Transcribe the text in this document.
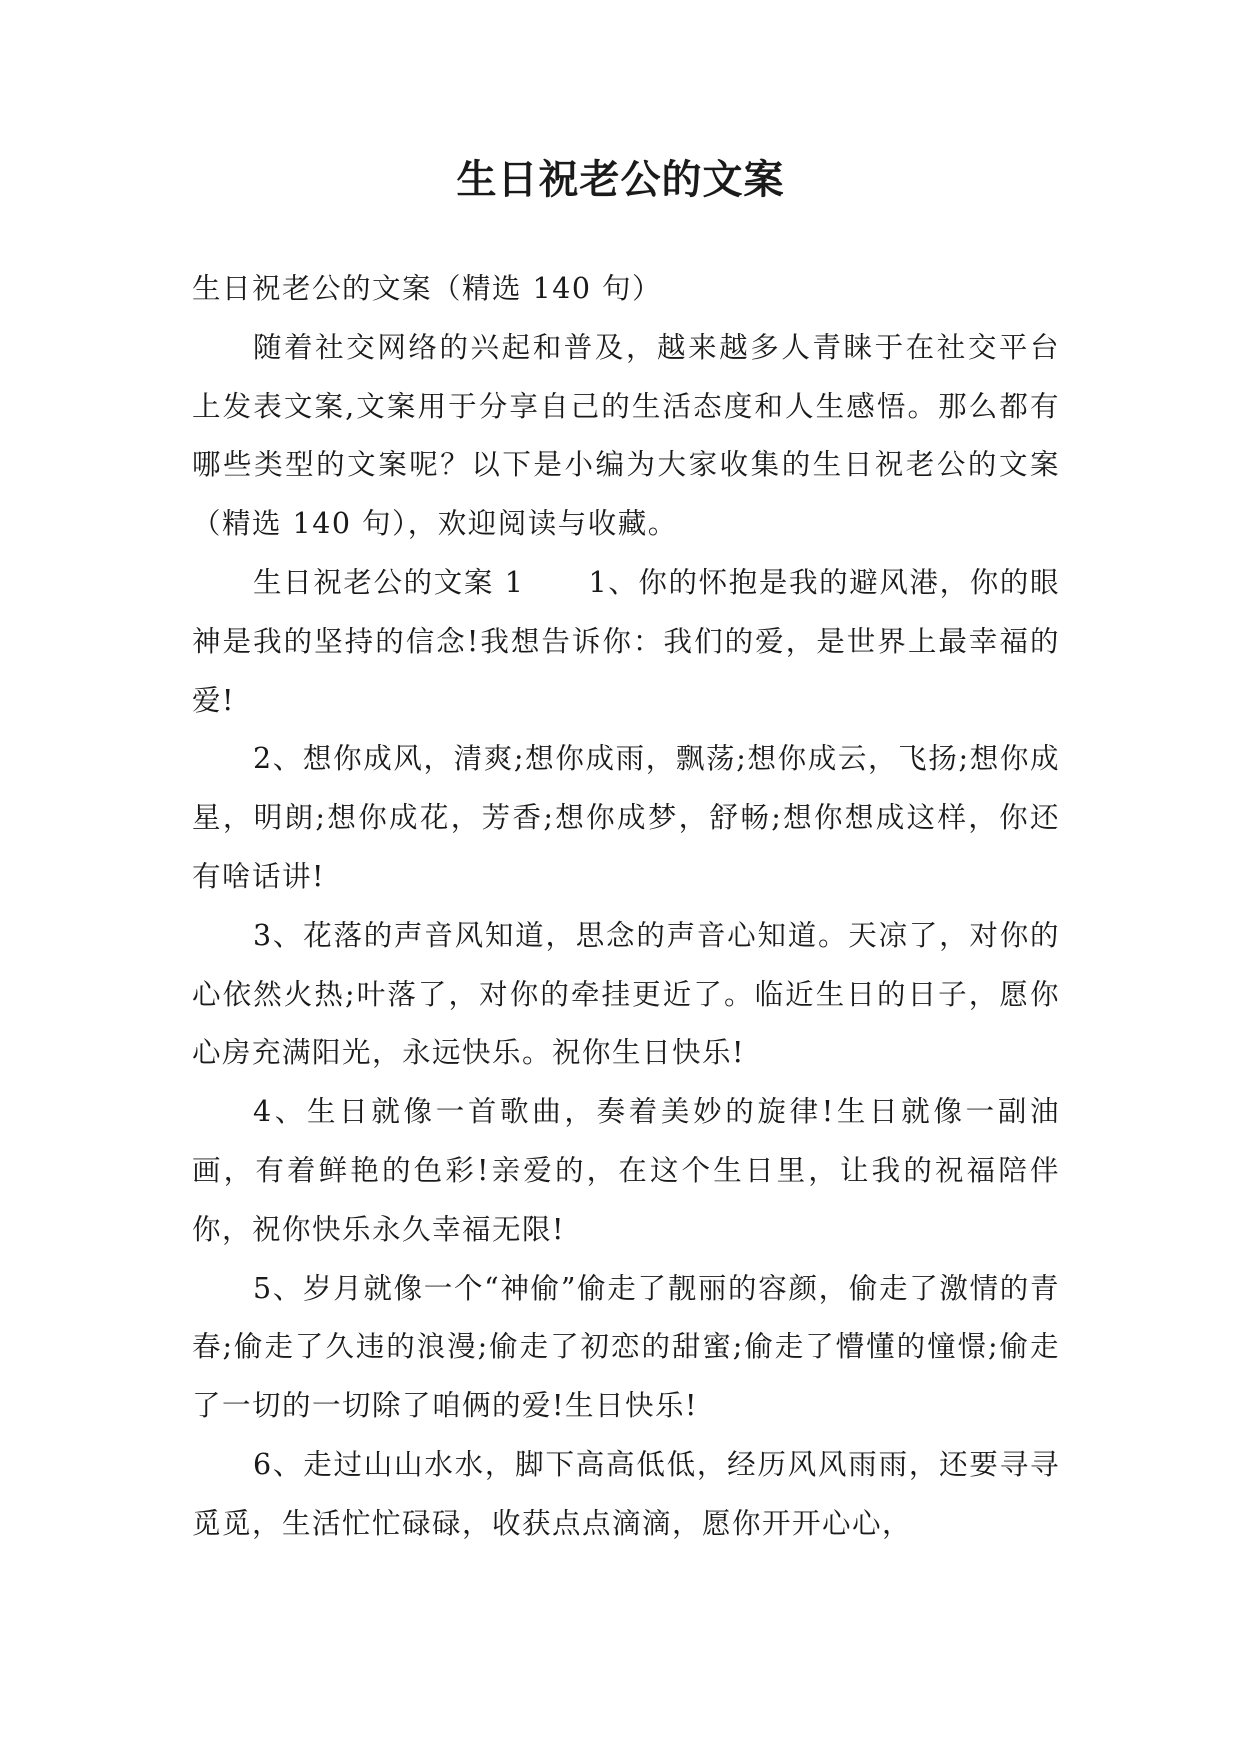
生日祝老公的文案

生日祝老公的文案（精选 140 句）

随着社交网络的兴起和普及，越来越多人青睐于在社交平台上发表文案,文案用于分享自己的生活态度和人生感悟。那么都有哪些类型的文案呢？以下是小编为大家收集的生日祝老公的文案（精选 140 句），欢迎阅读与收藏。

生日祝老公的文案 1      1、你的怀抱是我的避风港，你的眼神是我的坚持的信念!我想告诉你：我们的爱，是世界上最幸福的爱!

2、想你成风，清爽;想你成雨，飘荡;想你成云，飞扬;想你成星，明朗;想你成花，芳香;想你成梦，舒畅;想你想成这样，你还有啥话讲!

3、花落的声音风知道，思念的声音心知道。天凉了，对你的心依然火热;叶落了，对你的牵挂更近了。临近生日的日子，愿你心房充满阳光，永远快乐。祝你生日快乐!

4、生日就像一首歌曲，奏着美妙的旋律!生日就像一副油画，有着鲜艳的色彩!亲爱的，在这个生日里，让我的祝福陪伴你，祝你快乐永久幸福无限!

5、岁月就像一个“神偷”偷走了靓丽的容颜，偷走了激情的青春;偷走了久违的浪漫;偷走了初恋的甜蜜;偷走了懵懂的憧憬;偷走了一切的一切除了咱俩的爱!生日快乐!

6、走过山山水水，脚下高高低低，经历风风雨雨，还要寻寻觅觅，生活忙忙碌碌，收获点点滴滴，愿你开开心心，
